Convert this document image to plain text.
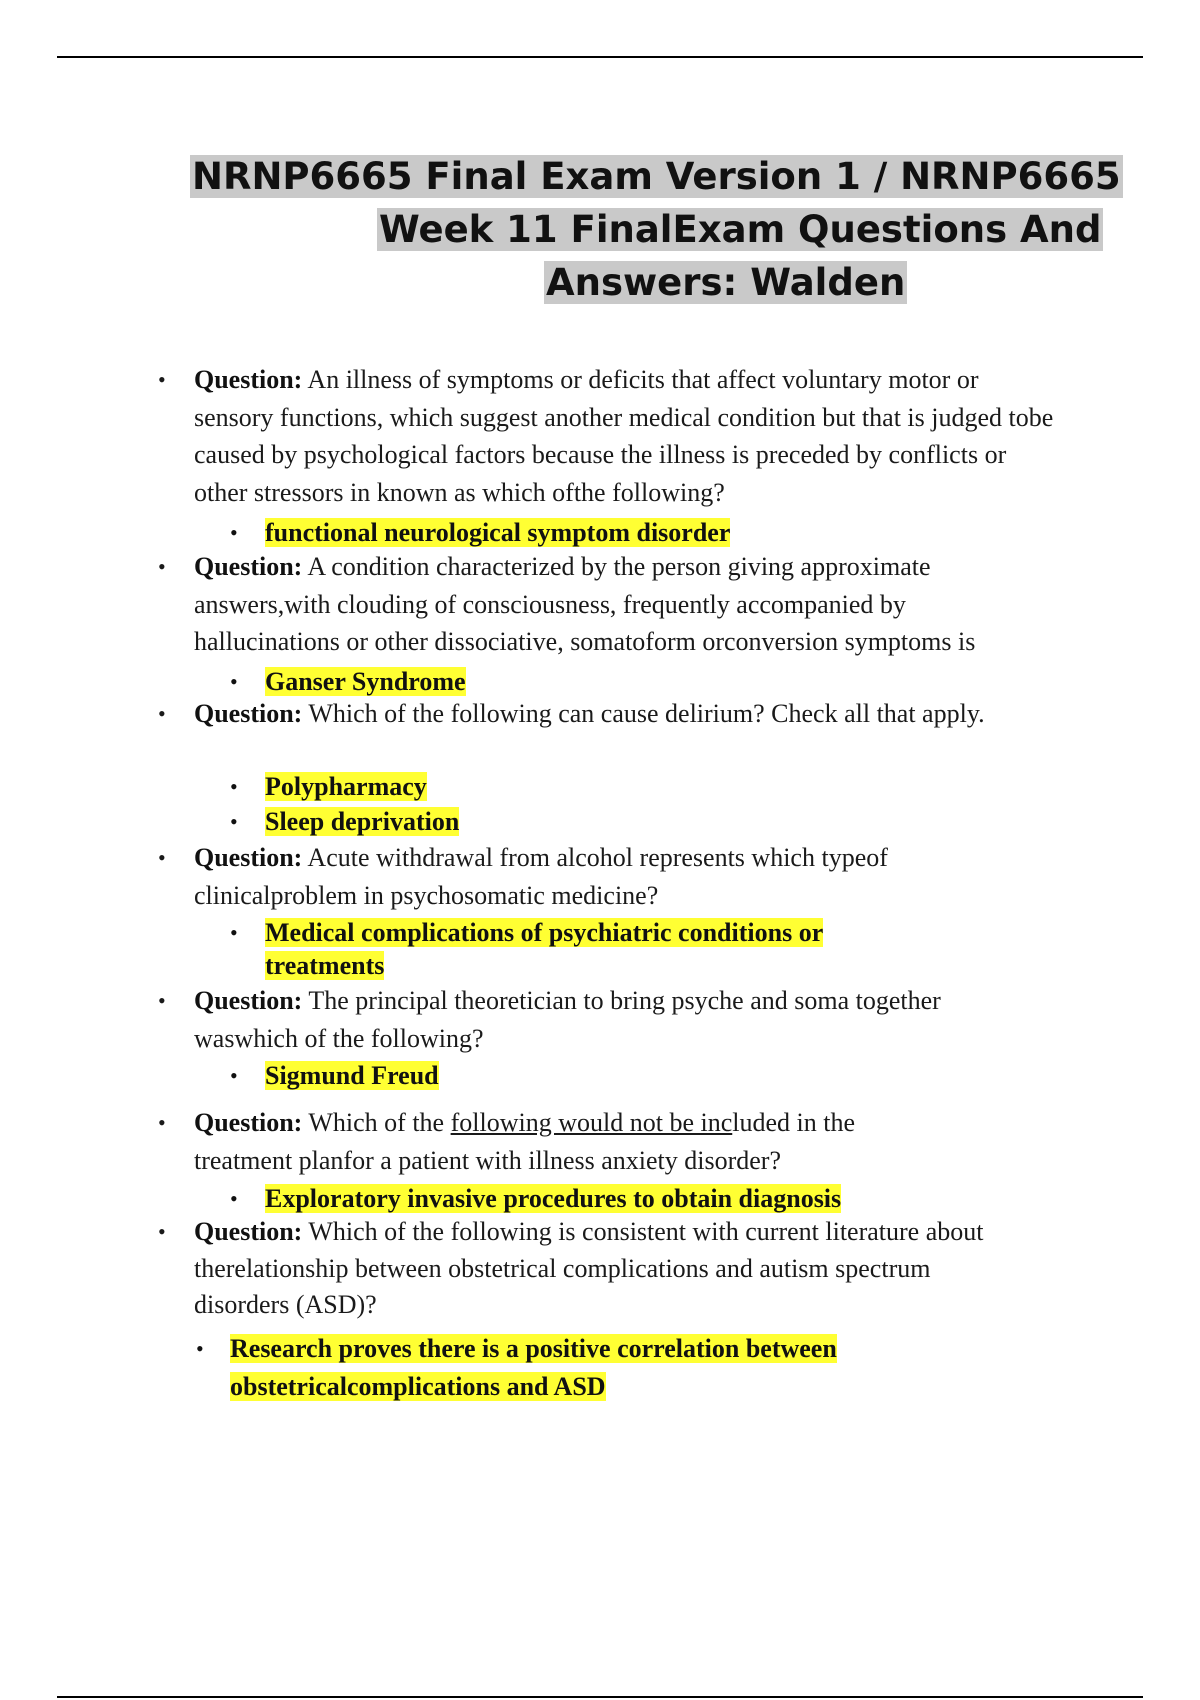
NRNP6665 Final Exam Version 1 / NRNP6665
Week 11 FinalExam Questions And
Answers: Walden
• Question: An illness of symptoms or deficits that affect voluntary motor or sensory functions, which suggest another medical condition but that is judged tobe caused by psychological factors because the illness is preceded by conflicts or other stressors in known as which ofthe following?
• functional neurological symptom disorder
• Question: A condition characterized by the person giving approximate answers,with clouding of consciousness, frequently accompanied by hallucinations or other dissociative, somatoform orconversion symptoms is
• Ganser Syndrome
• Question: Which of the following can cause delirium? Check all that apply.
• Polypharmacy
• Sleep deprivation
• Question: Acute withdrawal from alcohol represents which typeof clinicalproblem in psychosomatic medicine?
• Medical complications of psychiatric conditions or treatments
• Question: The principal theoretician to bring psyche and soma together waswhich of the following?
• Sigmund Freud
• Question: Which of the following would not be included in the treatment planfor a patient with illness anxiety disorder?
• Exploratory invasive procedures to obtain diagnosis
• Question: Which of the following is consistent with current literature about therelationship between obstetrical complications and autism spectrum disorders (ASD)?
• Research proves there is a positive correlation between obstetricalcomplications and ASD
